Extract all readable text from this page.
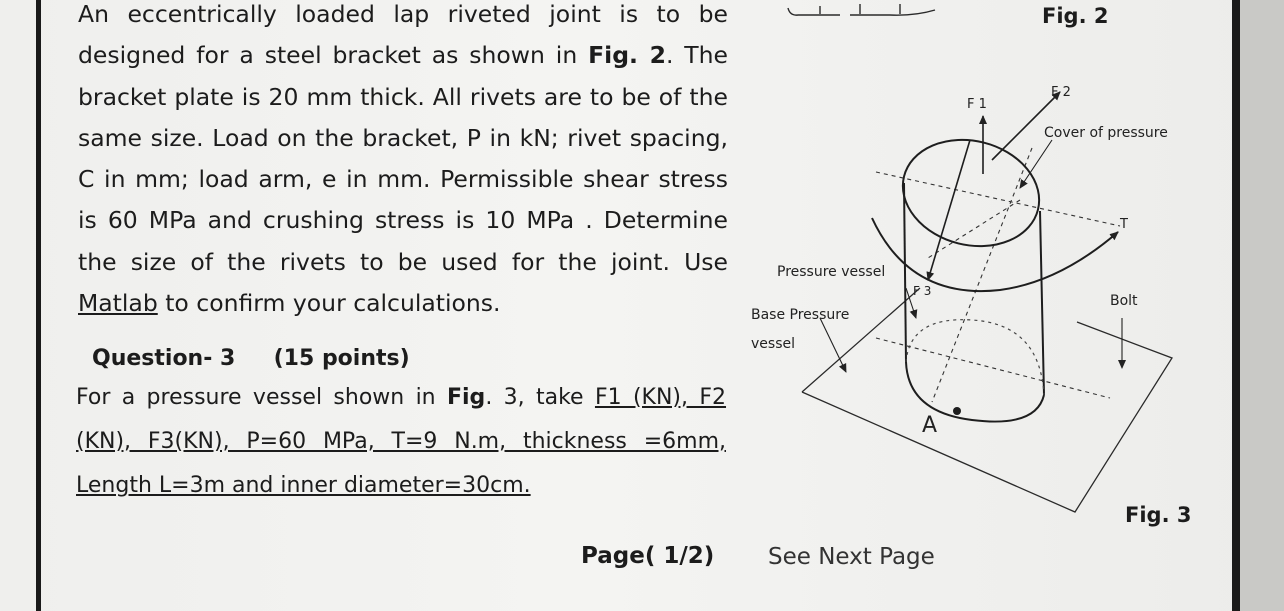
An eccentrically loaded lap riveted joint is to be
designed for a steel bracket as shown in Fig. 2. The
bracket plate is 20 mm thick. All rivets are to be of the
same size. Load on the bracket, P in kN; rivet spacing,
C in mm; load arm, e in mm. Permissible shear stress
is 60 MPa and crushing stress is 10 MPa . Determine
the size of the rivets to be used for the joint. Use
Matlab to confirm your calculations.
Question- 3 (15 points)
For a pressure vessel shown in Fig. 3, take F1 (KN), F2
(KN), F3(KN), P=60 MPa, T=9 N.m, thickness =6mm,
Length L=3m and inner diameter=30cm.
Page( 1/2) See Next Page
Fig. 2
Fig. 3
F 1
F 2
F 3
T
Cover of pressure
Pressure vessel
Base Pressure
vessel
Bolt
A
